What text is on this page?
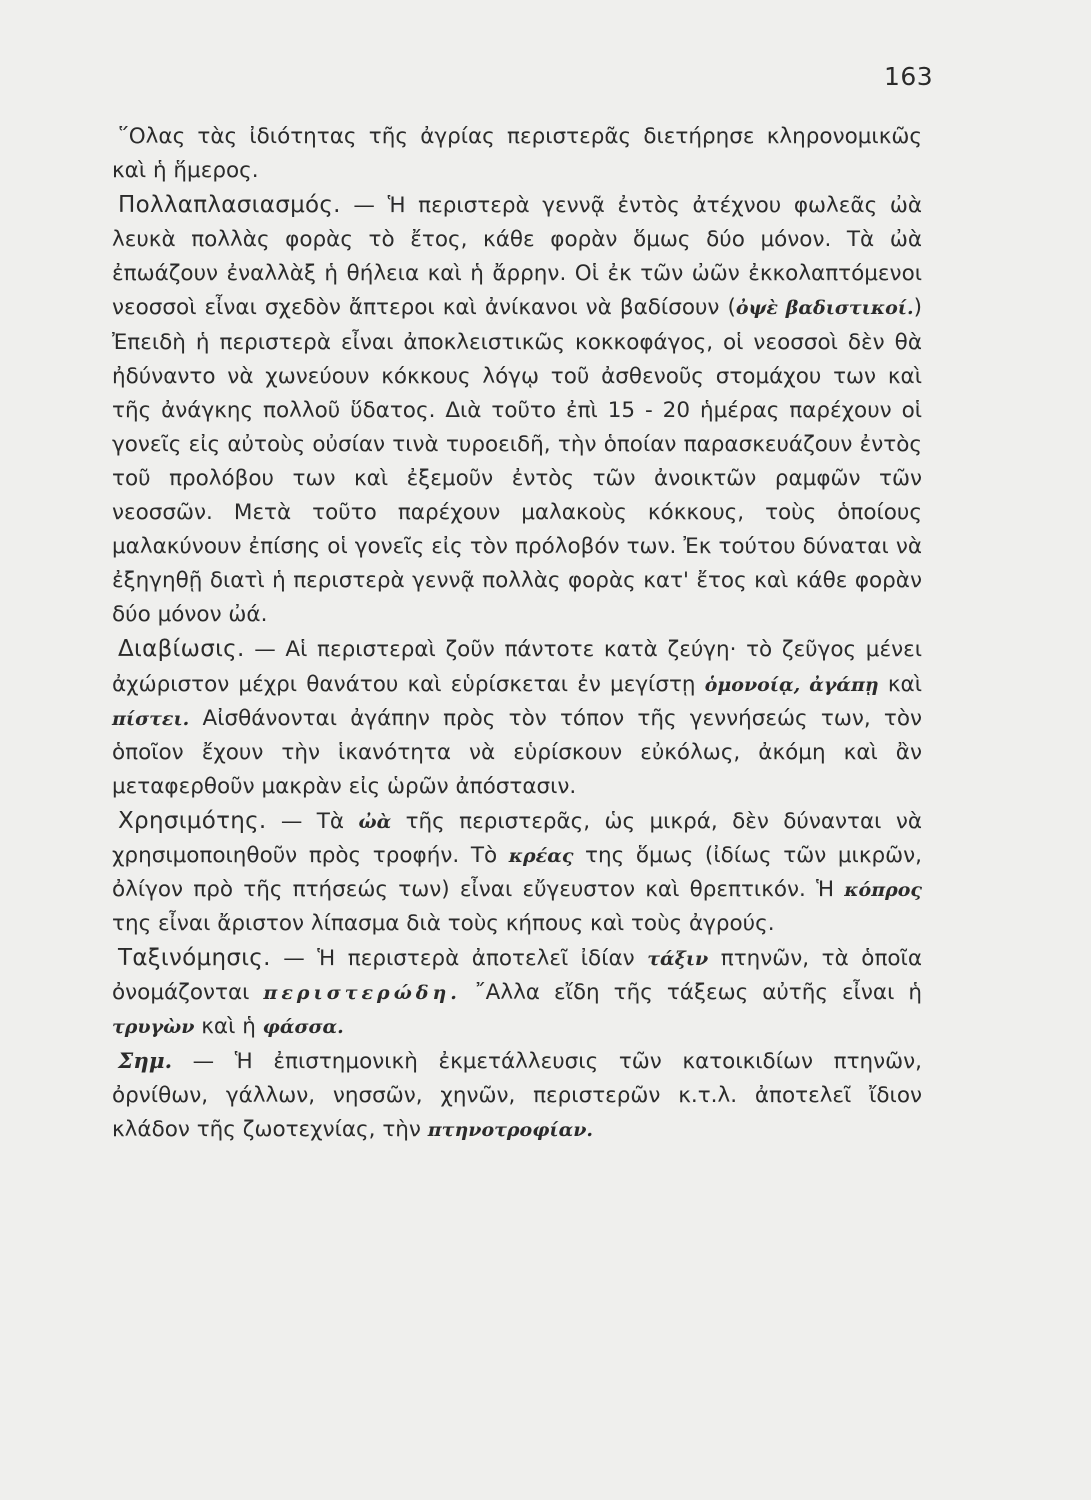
163

῞Ολας τὰς ἰδιότητας τῆς ἀγρίας περιστερᾶς διετήρησε κληρονομικῶς καὶ ἡ ἥμερος.

Πολλαπλασιασμός. — Ἡ περιστερὰ γεννᾷ ἐντὸς ἀτέχνου φωλεᾶς ὠὰ λευκὰ πολλὰς φορὰς τὸ ἔτος, κάθε φορὰν ὅμως δύο μόνον. Τὰ ὠὰ ἐπωάζουν ἐναλλὰξ ἡ θήλεια καὶ ἡ ἄρρην. Οἱ ἐκ τῶν ὠῶν ἐκκολαπτόμενοι νεοσσοὶ εἶναι σχεδὸν ἄπτεροι καὶ ἀνίκανοι νὰ βαδίσουν (ὀψὲ βαδιστικοί.) Ἐπειδὴ ἡ περιστερὰ εἶναι ἀποκλειστικῶς κοκκοφάγος, οἱ νεοσσοὶ δὲν θὰ ἠδύναντο νὰ χωνεύουν κόκκους λόγῳ τοῦ ἀσθενοῦς στομάχου των καὶ τῆς ἀνάγκης πολλοῦ ὕδατος. Διὰ τοῦτο ἐπὶ 15 - 20 ἡμέρας παρέχουν οἱ γονεῖς εἰς αὐτοὺς οὐσίαν τινὰ τυροειδῆ, τὴν ὁποίαν παρασκευάζουν ἐντὸς τοῦ προλόβου των καὶ ἐξεμοῦν ἐντὸς τῶν ἀνοικτῶν ραμφῶν τῶν νεοσσῶν. Μετὰ τοῦτο παρέχουν μαλακοὺς κόκκους, τοὺς ὁποίους μαλακύνουν ἐπίσης οἱ γονεῖς εἰς τὸν πρόλοβόν των. Ἐκ τούτου δύναται νὰ ἐξηγηθῇ διατὶ ἡ περιστερὰ γεννᾷ πολλὰς φορὰς κατ' ἔτος καὶ κάθε φορὰν δύο μόνον ὠά.

Διαβίωσις. — Αἱ περιστεραὶ ζοῦν πάντοτε κατὰ ζεύγη· τὸ ζεῦγος μένει ἀχώριστον μέχρι θανάτου καὶ εὑρίσκεται ἐν μεγίστῃ ὁμονοίᾳ, ἀγάπῃ καὶ πίστει. Αἰσθάνονται ἀγάπην πρὸς τὸν τόπον τῆς γεννήσεώς των, τὸν ὁποῖον ἔχουν τὴν ἱκανότητα νὰ εὑρίσκουν εὐκόλως, ἀκόμη καὶ ἂν μεταφερθοῦν μακρὰν εἰς ὡρῶν ἀπόστασιν.

Χρησιμότης. — Τὰ ὠὰ τῆς περιστερᾶς, ὡς μικρά, δὲν δύνανται νὰ χρησιμοποιηθοῦν πρὸς τροφήν. Τὸ κρέας της ὅμως (ἰδίως τῶν μικρῶν, ὀλίγον πρὸ τῆς πτήσεώς των) εἶναι εὔγευστον καὶ θρεπτικόν. Ἡ κόπρος της εἶναι ἄριστον λίπασμα διὰ τοὺς κήπους καὶ τοὺς ἀγρούς.

Ταξινόμησις. — Ἡ περιστερὰ ἀποτελεῖ ἰδίαν τάξιν πτηνῶν, τὰ ὁποῖα ὀνομάζονται περιστερώδη. ῎Αλλα εἴδη τῆς τάξεως αὐτῆς εἶναι ἡ τρυγὼν καὶ ἡ φάσσα.

Σημ. — Ἡ ἐπιστημονικὴ ἐκμετάλλευσις τῶν κατοικιδίων πτηνῶν, ὀρνίθων, γάλλων, νησσῶν, χηνῶν, περιστερῶν κ.τ.λ. ἀποτελεῖ ἴδιον κλάδον τῆς ζωοτεχνίας, τὴν πτηνοτροφίαν.
